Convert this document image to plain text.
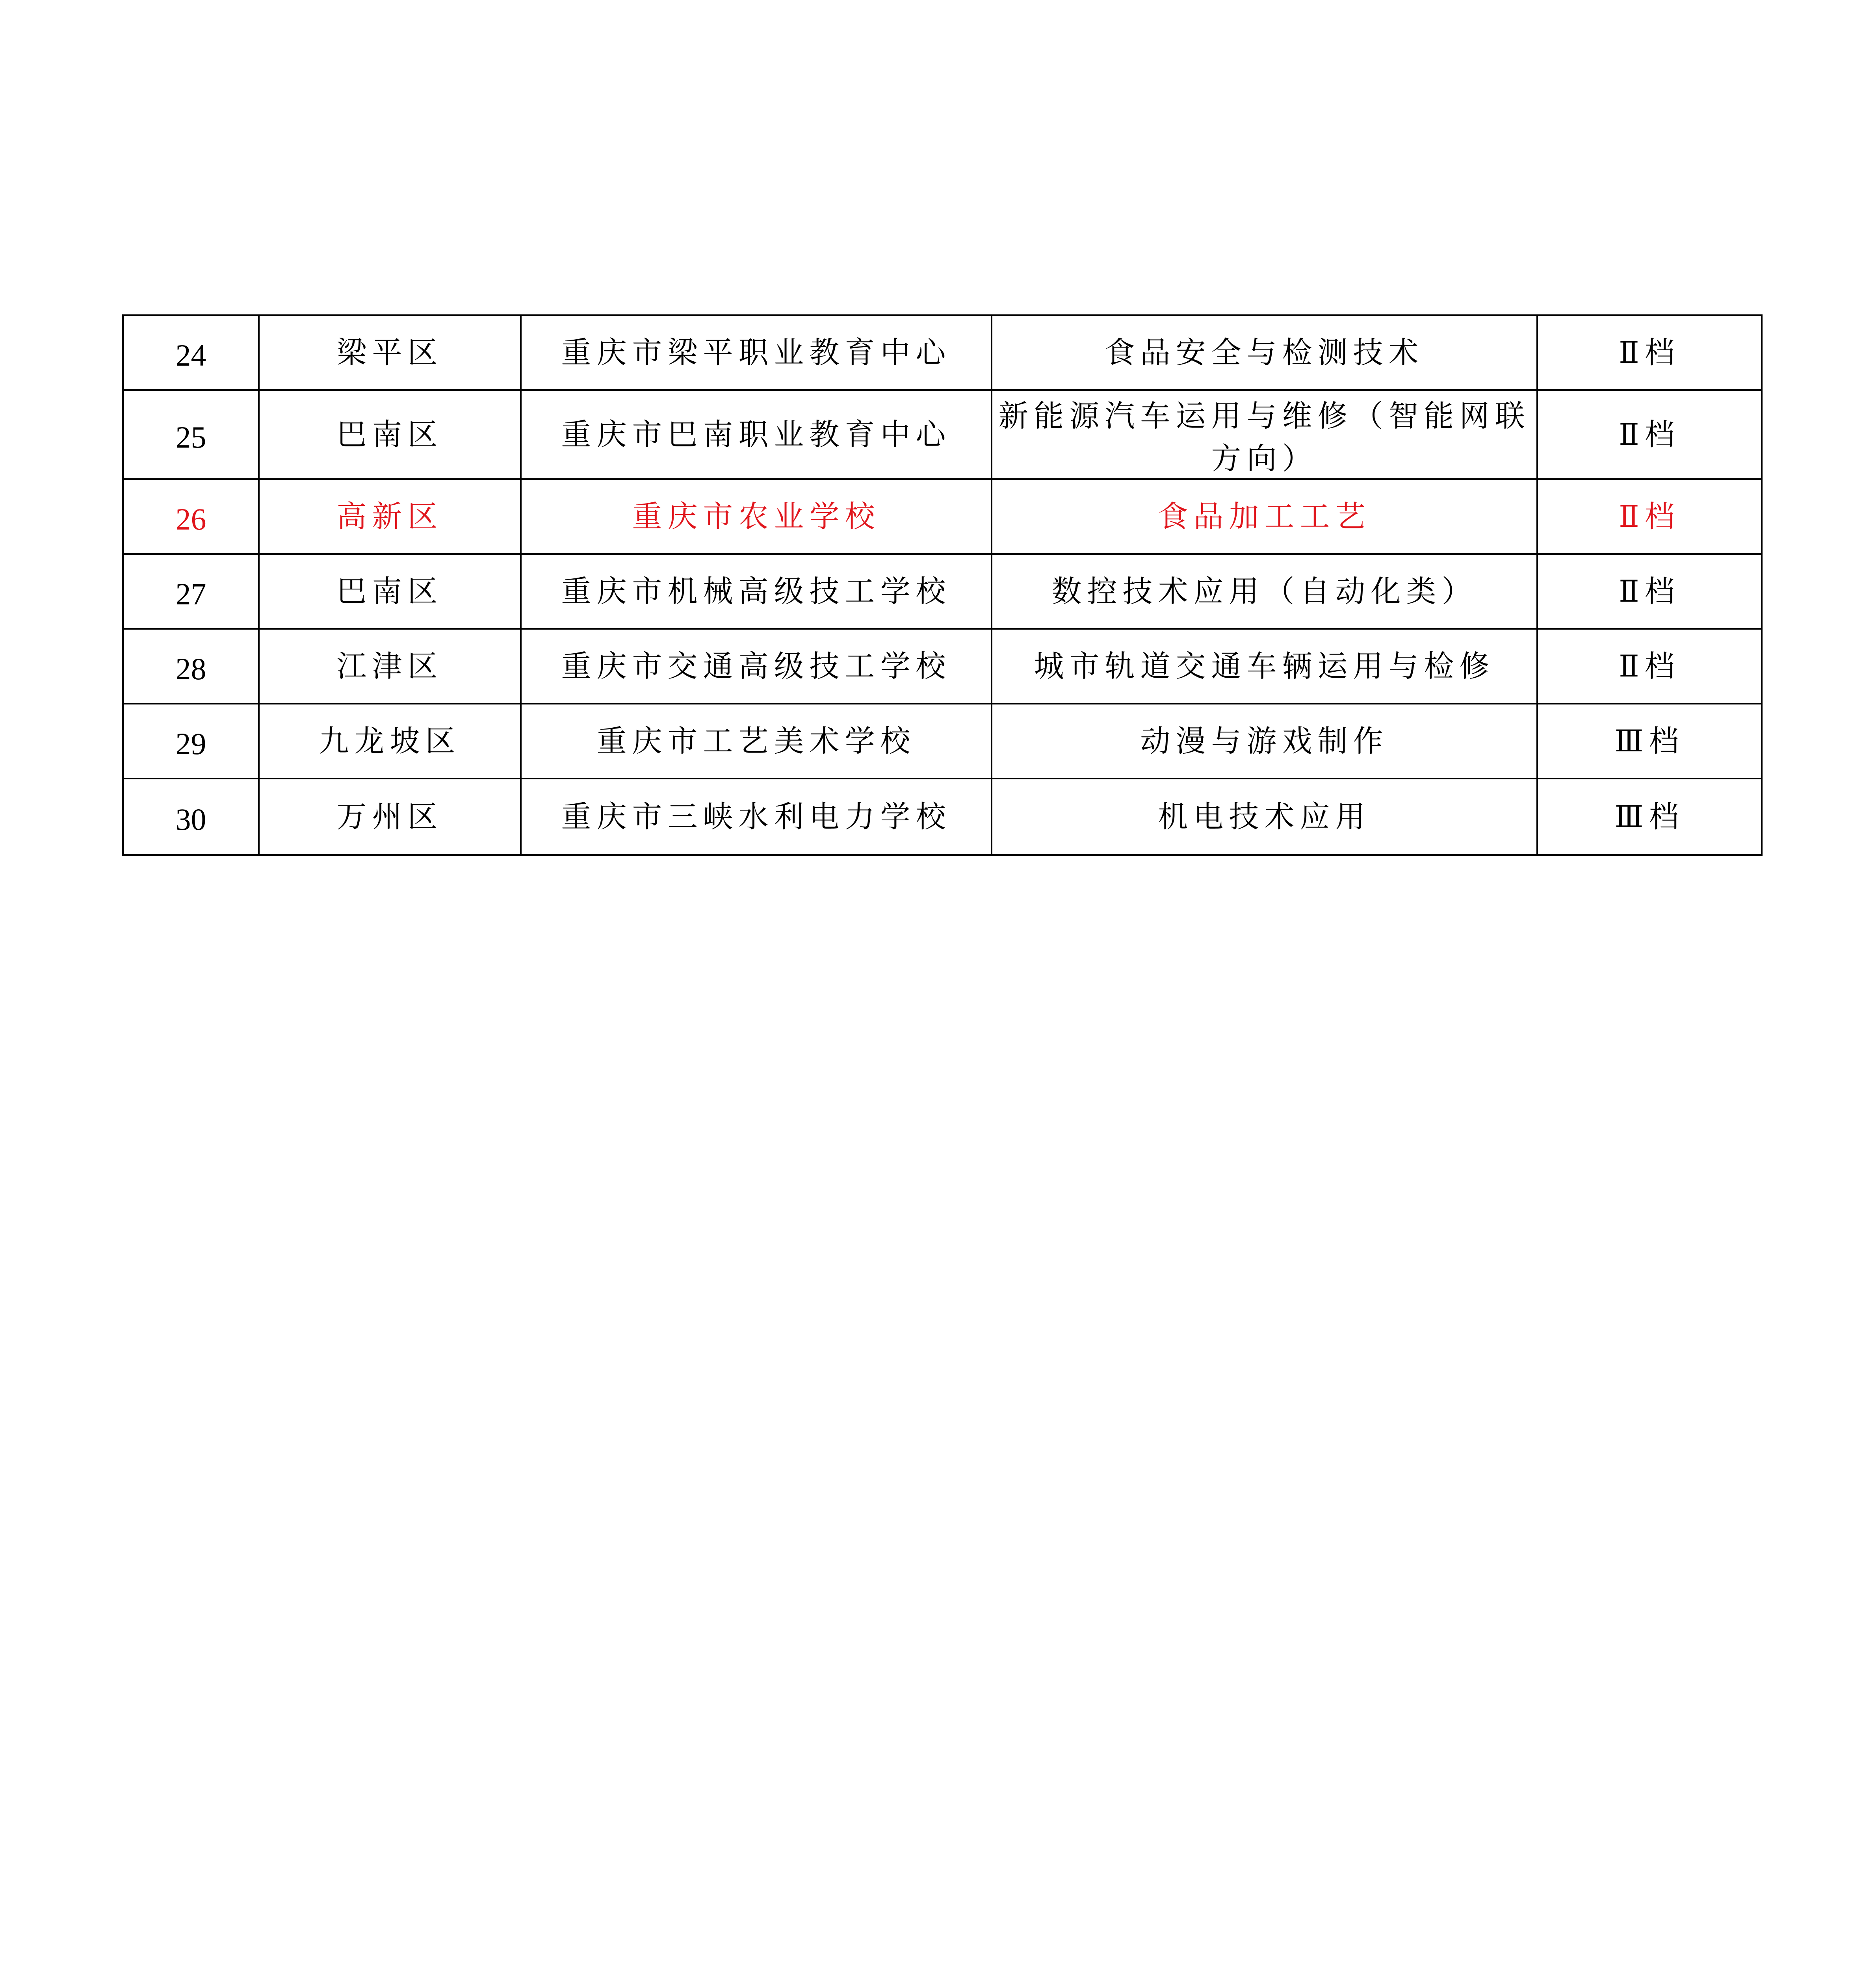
24	梁平区	重庆市梁平职业教育中心	食品安全与检测技术	Ⅱ档
25	巴南区	重庆市巴南职业教育中心	新能源汽车运用与维修（智能网联方向）	Ⅱ档
26	高新区	重庆市农业学校	食品加工工艺	Ⅱ档
27	巴南区	重庆市机械高级技工学校	数控技术应用（自动化类）	Ⅱ档
28	江津区	重庆市交通高级技工学校	城市轨道交通车辆运用与检修	Ⅱ档
29	九龙坡区	重庆市工艺美术学校	动漫与游戏制作	Ⅲ档
30	万州区	重庆市三峡水利电力学校	机电技术应用	Ⅲ档
